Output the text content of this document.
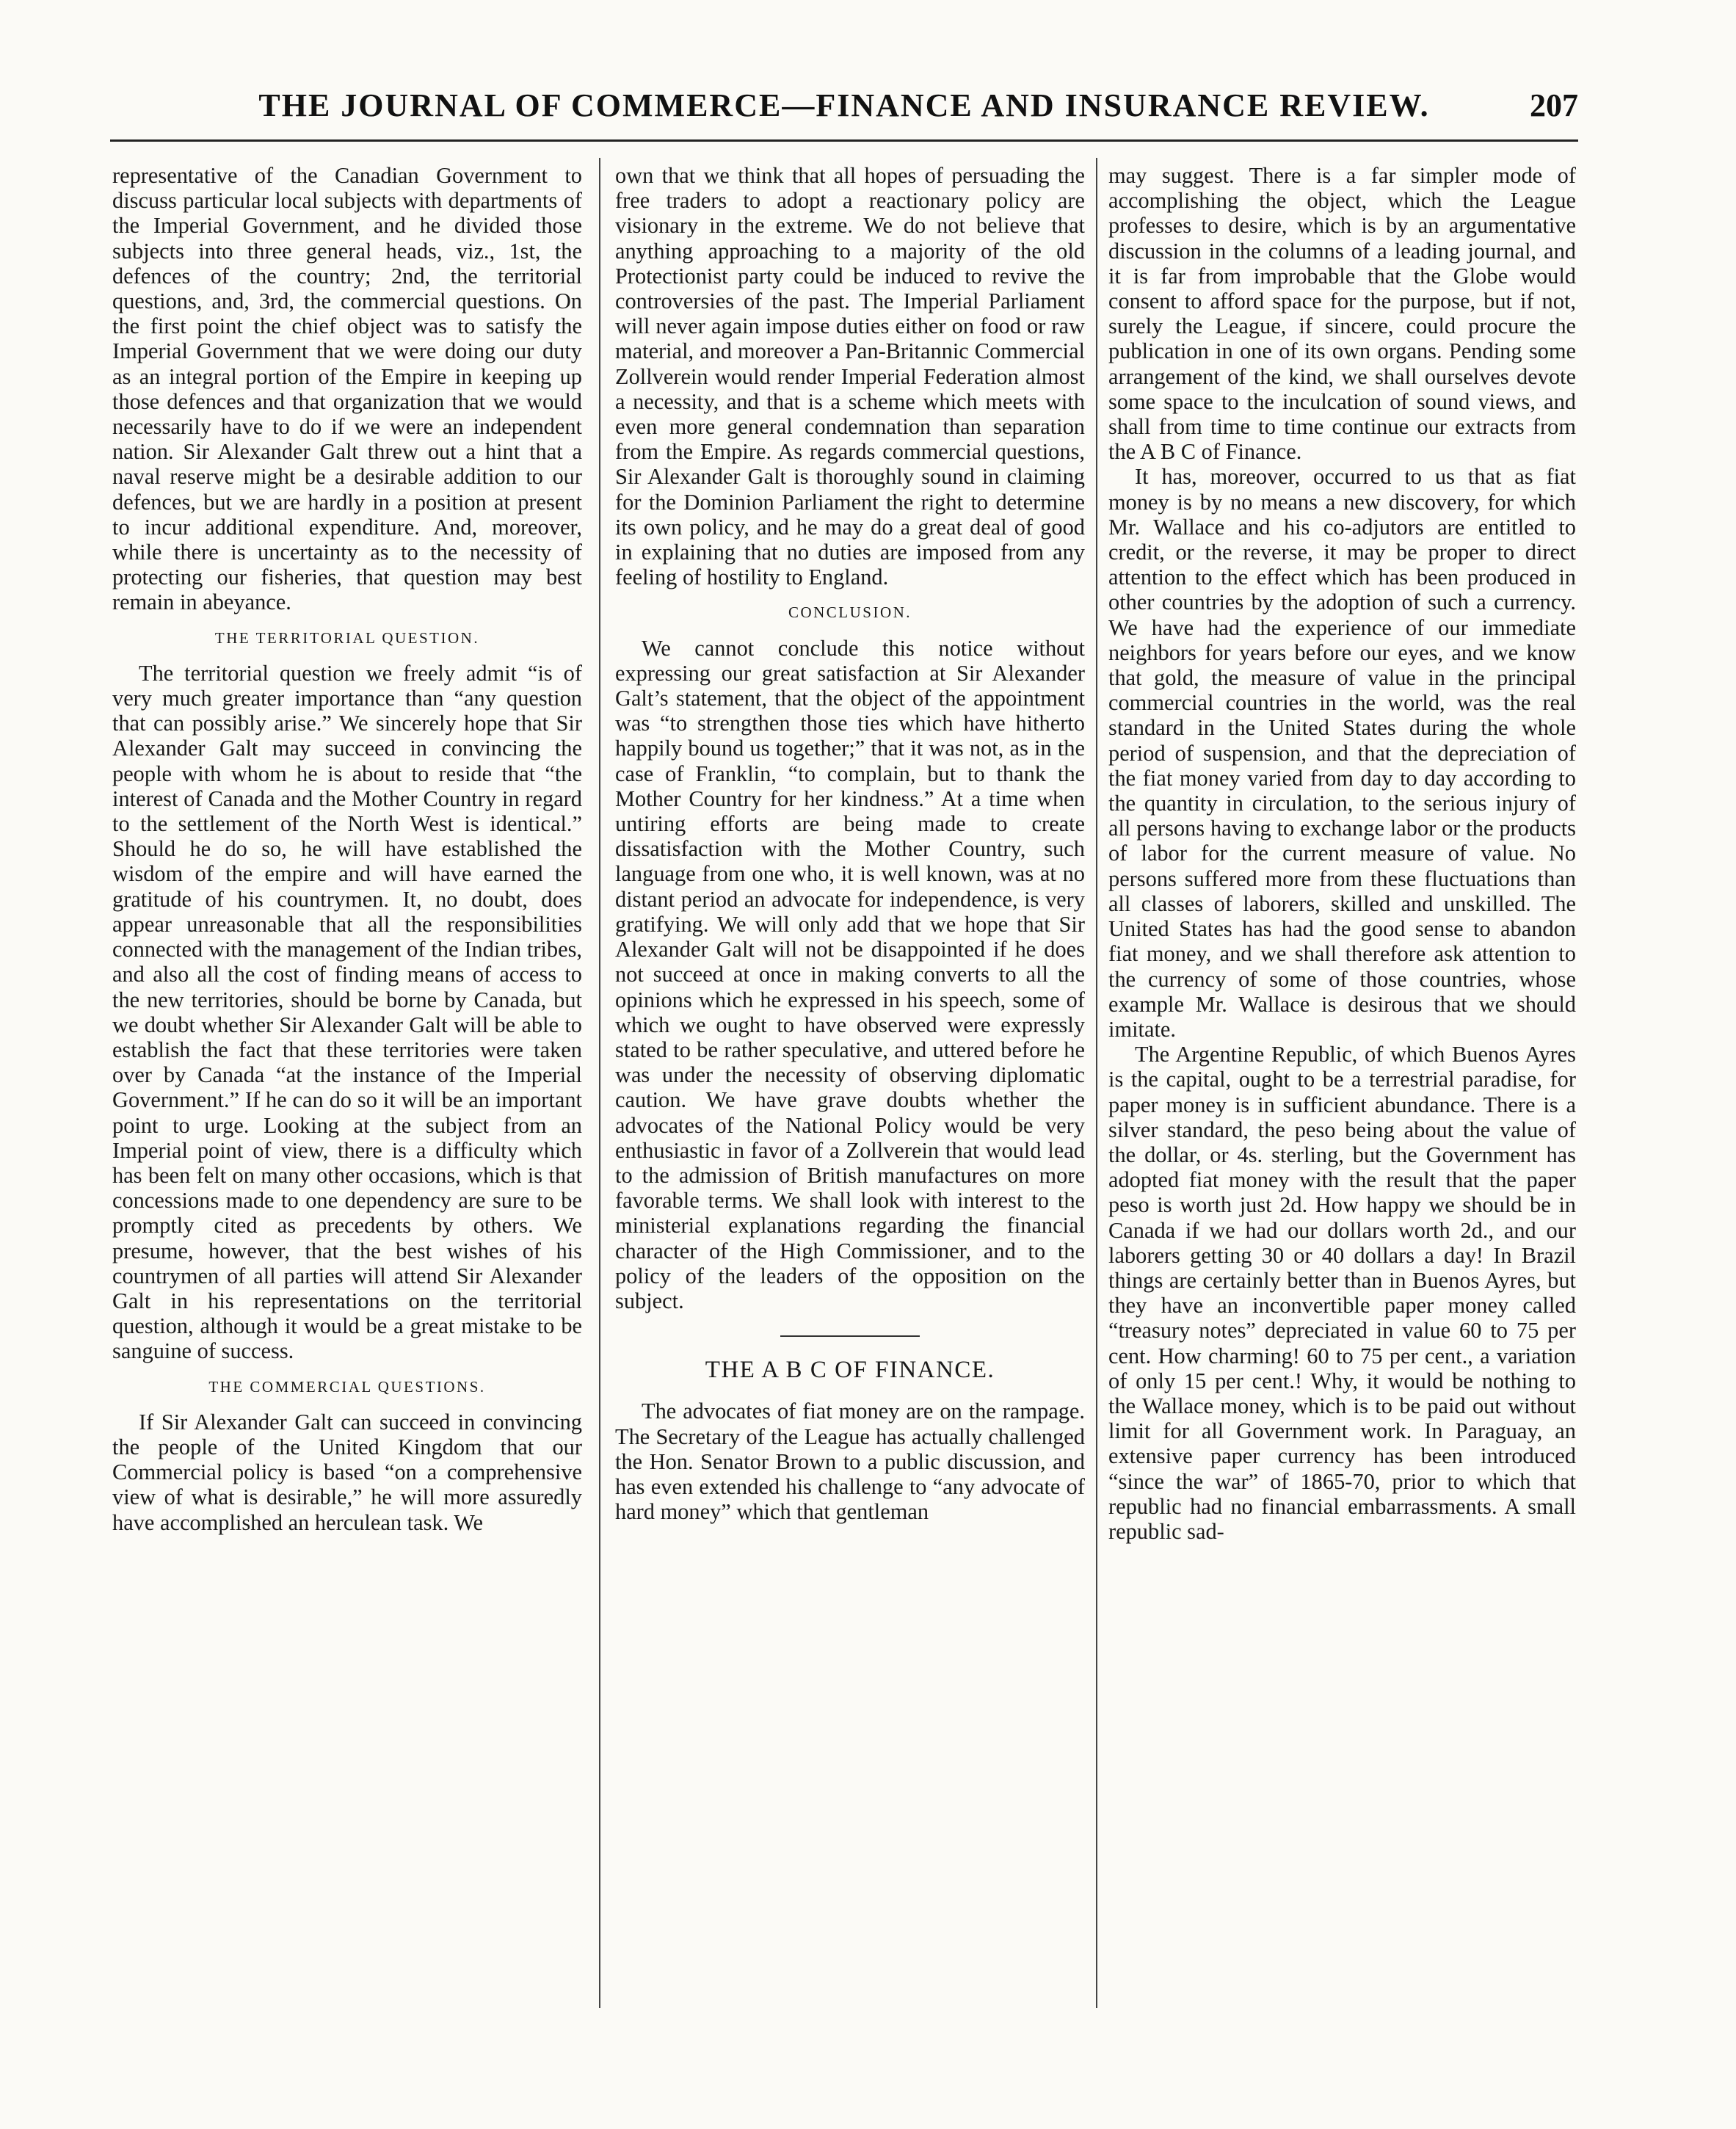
THE JOURNAL OF COMMERCE—FINANCE AND INSURANCE REVIEW.	207

representative of the Canadian Government to discuss particular local subjects with departments of the Imperial Government, and he divided those subjects into three general heads, viz., 1st, the defences of the country; 2nd, the territorial questions, and, 3rd, the commercial questions. On the first point the chief object was to satisfy the Imperial Government that we were doing our duty as an integral portion of the Empire in keeping up those defences and that organization that we would necessarily have to do if we were an independent nation. Sir Alexander Galt threw out a hint that a naval reserve might be a desirable addition to our defences, but we are hardly in a position at present to incur additional expenditure. And, moreover, while there is uncertainty as to the necessity of protecting our fisheries, that question may best remain in abeyance.

THE TERRITORIAL QUESTION.

The territorial question we freely admit “is of very much greater importance than “any question that can possibly arise.” We sincerely hope that Sir Alexander Galt may succeed in convincing the people with whom he is about to reside that “the interest of Canada and the Mother Country in regard to the settlement of the North West is identical.” Should he do so, he will have established the wisdom of the empire and will have earned the gratitude of his countrymen. It, no doubt, does appear unreasonable that all the responsibilities connected with the management of the Indian tribes, and also all the cost of finding means of access to the new territories, should be borne by Canada, but we doubt whether Sir Alexander Galt will be able to establish the fact that these territories were taken over by Canada “at the instance of the Imperial Government.” If he can do so it will be an important point to urge. Looking at the subject from an Imperial point of view, there is a difficulty which has been felt on many other occasions, which is that concessions made to one dependency are sure to be promptly cited as precedents by others. We presume, however, that the best wishes of his countrymen of all parties will attend Sir Alexander Galt in his representations on the territorial question, although it would be a great mistake to be sanguine of success.

THE COMMERCIAL QUESTIONS.

If Sir Alexander Galt can succeed in convincing the people of the United Kingdom that our Commercial policy is based “on a comprehensive view of what is desirable,” he will more assuredly have accomplished an herculean task. We

own that we think that all hopes of persuading the free traders to adopt a reactionary policy are visionary in the extreme. We do not believe that anything approaching to a majority of the old Protectionist party could be induced to revive the controversies of the past. The Imperial Parliament will never again impose duties either on food or raw material, and moreover a Pan-Britannic Commercial Zollverein would render Imperial Federation almost a necessity, and that is a scheme which meets with even more general condemnation than separation from the Empire. As regards commercial questions, Sir Alexander Galt is thoroughly sound in claiming for the Dominion Parliament the right to determine its own policy, and he may do a great deal of good in explaining that no duties are imposed from any feeling of hostility to England.

CONCLUSION.

We cannot conclude this notice without expressing our great satisfaction at Sir Alexander Galt’s statement, that the object of the appointment was “to strengthen those ties which have hitherto happily bound us together;” that it was not, as in the case of Franklin, “to complain, but to thank the Mother Country for her kindness.” At a time when untiring efforts are being made to create dissatisfaction with the Mother Country, such language from one who, it is well known, was at no distant period an advocate for independence, is very gratifying. We will only add that we hope that Sir Alexander Galt will not be disappointed if he does not succeed at once in making converts to all the opinions which he expressed in his speech, some of which we ought to have observed were expressly stated to be rather speculative, and uttered before he was under the necessity of observing diplomatic caution. We have grave doubts whether the advocates of the National Policy would be very enthusiastic in favor of a Zollverein that would lead to the admission of British manufactures on more favorable terms. We shall look with interest to the ministerial explanations regarding the financial character of the High Commissioner, and to the policy of the leaders of the opposition on the subject.

THE A B C OF FINANCE.

The advocates of fiat money are on the rampage. The Secretary of the League has actually challenged the Hon. Senator Brown to a public discussion, and has even extended his challenge to “any advocate of hard money” which that gentleman

may suggest. There is a far simpler mode of accomplishing the object, which the League professes to desire, which is by an argumentative discussion in the columns of a leading journal, and it is far from improbable that the Globe would consent to afford space for the purpose, but if not, surely the League, if sincere, could procure the publication in one of its own organs. Pending some arrangement of the kind, we shall ourselves devote some space to the inculcation of sound views, and shall from time to time continue our extracts from the A B C of Finance.

It has, moreover, occurred to us that as fiat money is by no means a new discovery, for which Mr. Wallace and his co-adjutors are entitled to credit, or the reverse, it may be proper to direct attention to the effect which has been produced in other countries by the adoption of such a currency. We have had the experience of our immediate neighbors for years before our eyes, and we know that gold, the measure of value in the principal commercial countries in the world, was the real standard in the United States during the whole period of suspension, and that the depreciation of the fiat money varied from day to day according to the quantity in circulation, to the serious injury of all persons having to exchange labor or the products of labor for the current measure of value. No persons suffered more from these fluctuations than all classes of laborers, skilled and unskilled. The United States has had the good sense to abandon fiat money, and we shall therefore ask attention to the currency of some of those countries, whose example Mr. Wallace is desirous that we should imitate.

The Argentine Republic, of which Buenos Ayres is the capital, ought to be a terrestrial paradise, for paper money is in sufficient abundance. There is a silver standard, the peso being about the value of the dollar, or 4s. sterling, but the Government has adopted fiat money with the result that the paper peso is worth just 2d. How happy we should be in Canada if we had our dollars worth 2d., and our laborers getting 30 or 40 dollars a day! In Brazil things are certainly better than in Buenos Ayres, but they have an inconvertible paper money called “treasury notes” depreciated in value 60 to 75 per cent. How charming! 60 to 75 per cent., a variation of only 15 per cent.! Why, it would be nothing to the Wallace money, which is to be paid out without limit for all Government work. In Paraguay, an extensive paper currency has been introduced “since the war” of 1865-70, prior to which that republic had no financial embarrassments. A small republic sad-
